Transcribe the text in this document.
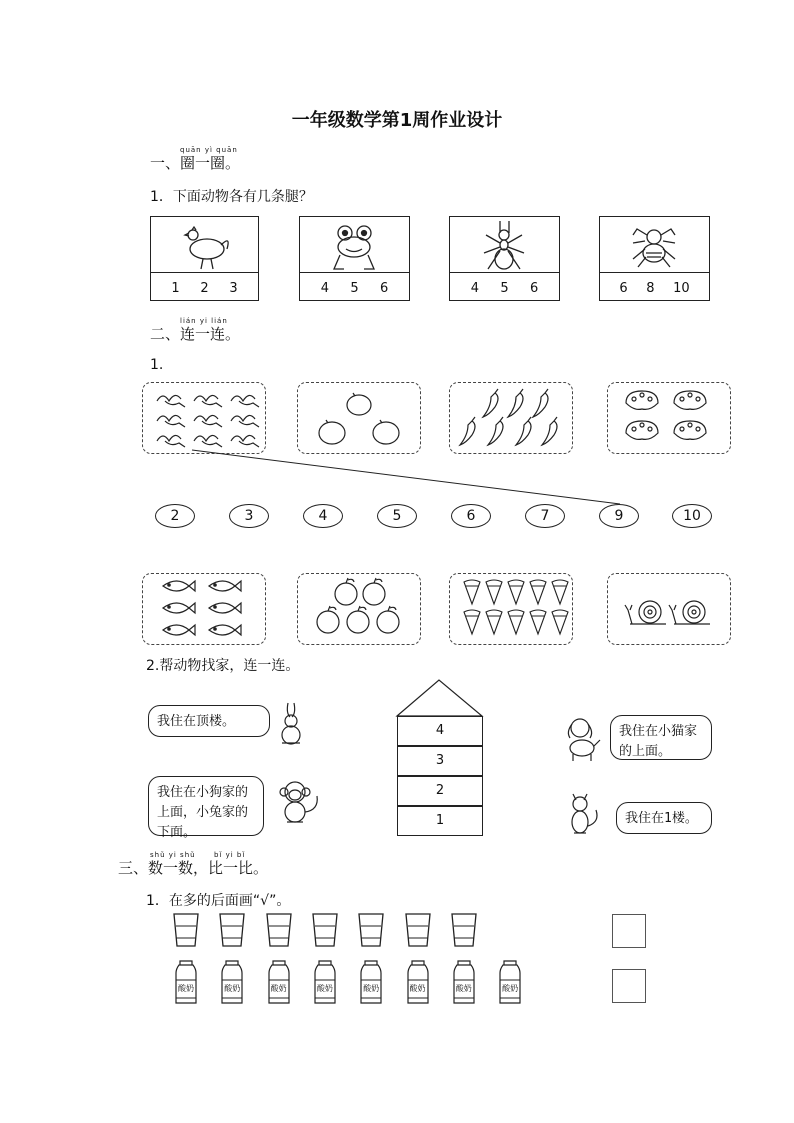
一年级数学第1周作业设计
quān yì quān
一、圈一圈。
1．下面动物各有几条腿？
1 2 3	4 5 6	4 5 6	6 8 10
lián yi lián
二、连一连。
1.
2	3	4	5	6	7	9	10
2.帮动物找家，连一连。
4
3
2
1
我住在顶楼。
我住在小狗家的上面，小兔家的下面。
我住在小猫家的上面。
我住在1楼。
shǔ yi shǔ	bǐ yi bǐ
三、数一数，比一比。
1．在多的后面画“√”。
酸奶	酸奶	酸奶	酸奶	酸奶	酸奶	酸奶	酸奶
